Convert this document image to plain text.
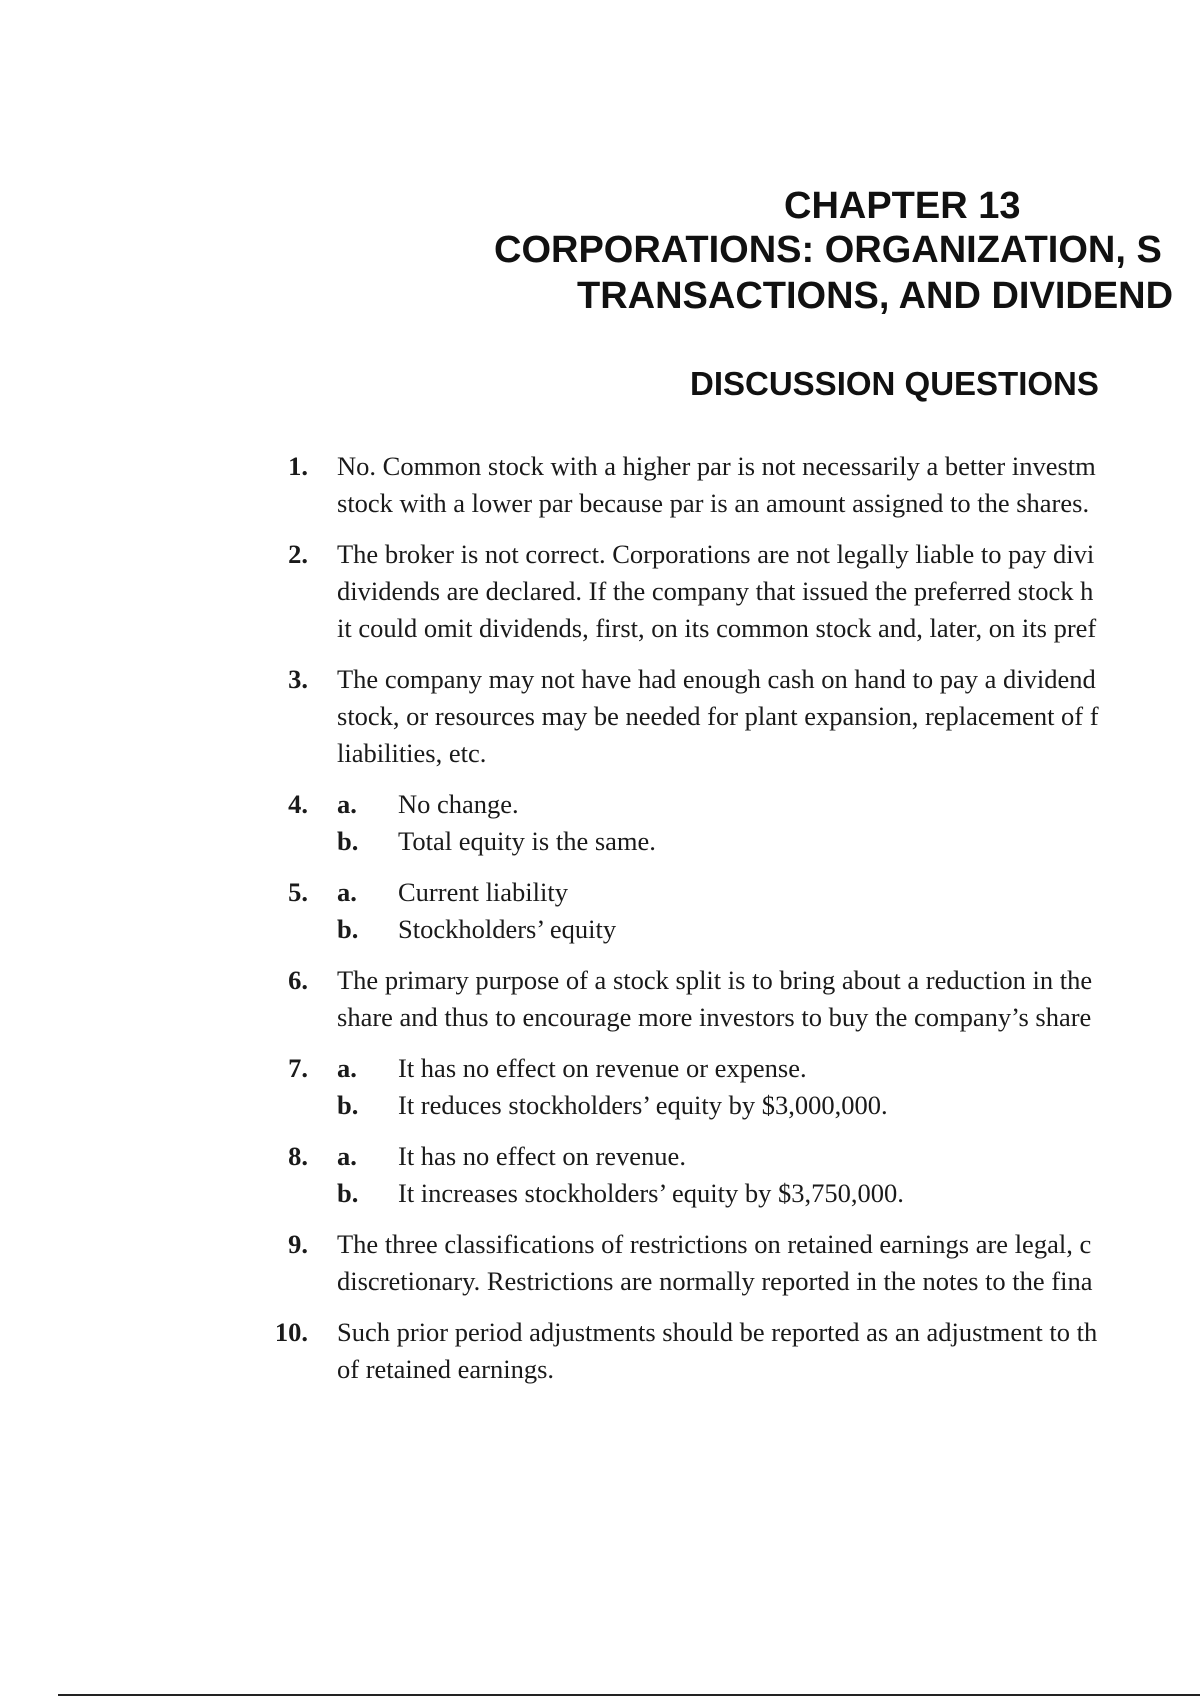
CHAPTER 13
CORPORATIONS: ORGANIZATION, S
TRANSACTIONS, AND DIVIDEND
DISCUSSION QUESTIONS
1. No. Common stock with a higher par is not necessarily a better investm
stock with a lower par because par is an amount assigned to the shares.
2. The broker is not correct. Corporations are not legally liable to pay divi
dividends are declared. If the company that issued the preferred stock h
it could omit dividends, first, on its common stock and, later, on its pref
3. The company may not have had enough cash on hand to pay a dividend
stock, or resources may be needed for plant expansion, replacement of f
liabilities, etc.
4. a. No change.
b. Total equity is the same.
5. a. Current liability
b. Stockholders’ equity
6. The primary purpose of a stock split is to bring about a reduction in the
share and thus to encourage more investors to buy the company’s share
7. a. It has no effect on revenue or expense.
b. It reduces stockholders’ equity by $3,000,000.
8. a. It has no effect on revenue.
b. It increases stockholders’ equity by $3,750,000.
9. The three classifications of restrictions on retained earnings are legal, c
discretionary. Restrictions are normally reported in the notes to the fina
10. Such prior period adjustments should be reported as an adjustment to th
of retained earnings.
